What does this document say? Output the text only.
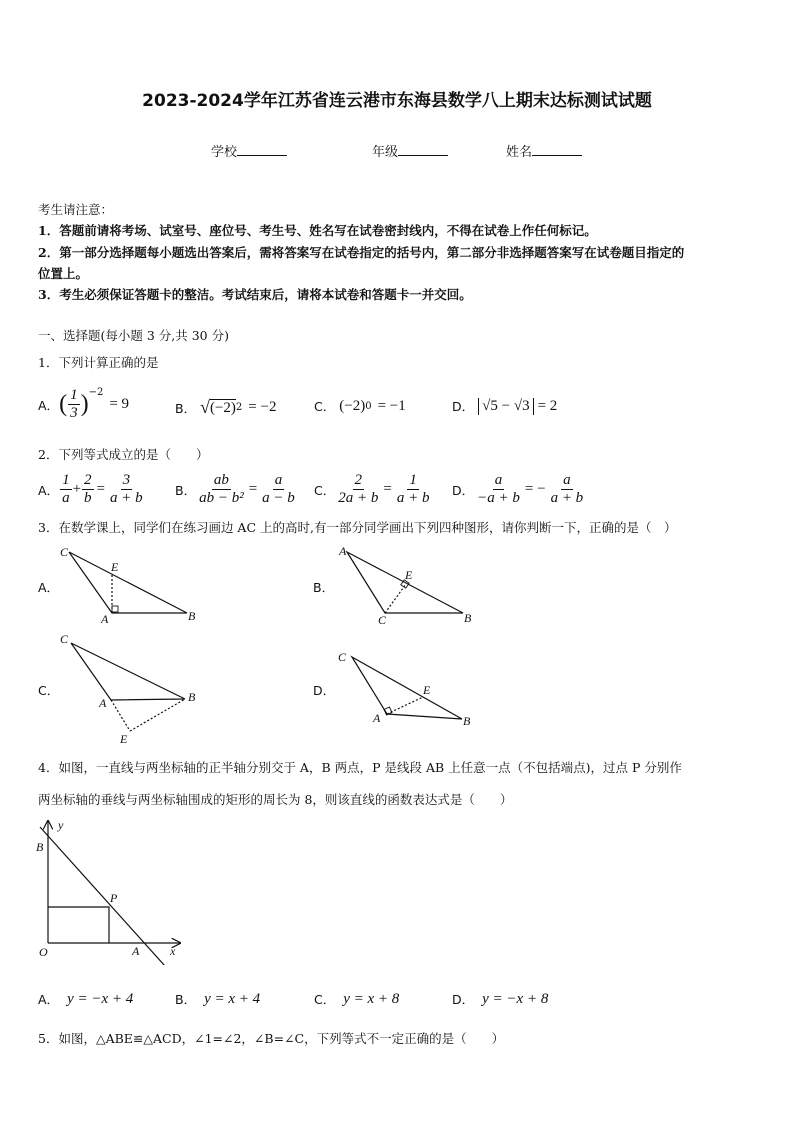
2023-2024学年江苏省连云港市东海县数学八上期末达标测试试题
学校	年级	姓名
考生请注意：
1．答题前请将考场、试室号、座位号、考生号、姓名写在试卷密封线内，不得在试卷上作任何标记。
2．第一部分选择题每小题选出答案后，需将答案写在试卷指定的括号内，第二部分非选择题答案写在试卷题目指定的
位置上。
3．考生必须保证答题卡的整洁。考试结束后，请将本试卷和答题卡一并交回。
一、选择题(每小题 3 分,共 30 分)
1．下列计算正确的是
A． ( $\frac{1}{3}$ ) −2
= 9	B． √ (−2) 2 = −2	C． (−2) 0 = −1	D． √5 − √3 = 2
2．下列等式成立的是（　　）
A． $\frac{1}{a} + \frac{2}{b} = \frac{3}{a + b}$ B． $\frac{ab}{\text{ab − b²}} = \frac{a}{a - b}$ C． $\frac{2}{2a + b} = \frac{1}{a + b}$ D． $\frac{a}{-a + b}$ = − $\frac{a}{a + b}$
3．在数学课上，同学们在练习画边 AC 上的高时,有一部分同学画出下列四种图形，请你判断一下，正确的是（　）
A．
C
A	B
E
B．
A
C	B
E
C．
C
A	B
E
D．
C
A	B
E
4．如图，一直线与两坐标轴的正半轴分别交于 A，B 两点，P 是线段 AB 上任意一点（不包括端点)，过点 P 分别作
两坐标轴的垂线与两坐标轴围成的矩形的周长为 8，则该直线的函数表达式是（　　）
y
x
O
B
A
P
A． y = −x + 4	B． y = x + 4	C． y = x + 8	D． y = −x + 8
5．如图，△ABE≌△ACD，∠1=∠2，∠B=∠C，下列等式不一定正确的是（　　）
